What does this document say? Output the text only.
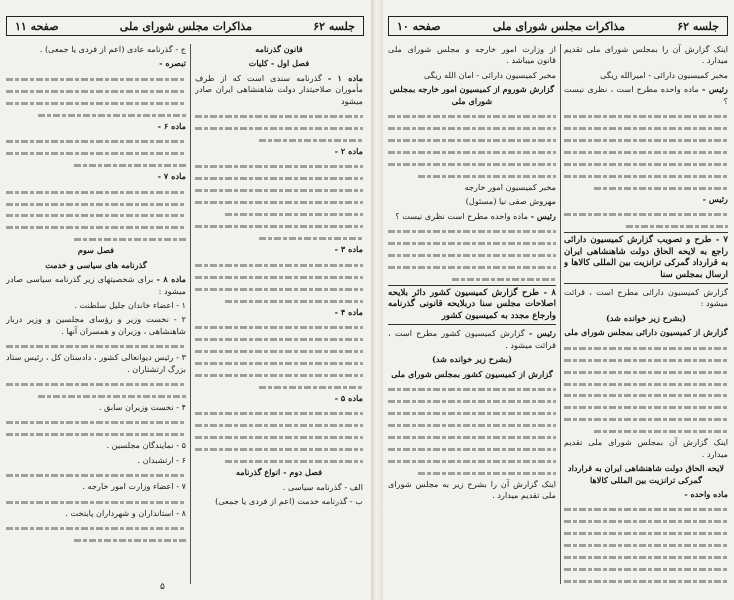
جلسه ۶۲
مذاکرات مجلس شورای ملی
صفحه ۱۱

قانون گذرنامه

فصل اول - کلیات

ماده ۱ - گذرنامه سندی است که از طرف مأموران صلاحیتدار دولت شاهنشاهی ایران صادر میشود

ماده ۲ -

ماده ۳ -

ماده ۴ -

ماده ۵ -

فصل دوم - انواع گذرنامه

الف - گذرنامه سیاسی .

ب - گذرنامه خدمت (اعم از فردی یا جمعی)

ج - گذرنامه عادی (اعم از فردی یا جمعی) .

تبصره -

ماده ۶ -

ماده ۷ -

فصل سوم

گذرنامه های سیاسی و خدمت

ماده ۸ - برای شخصیتهای زیر گذرنامه سیاسی صادر میشود :

۱ - اعضاء خاندان جلیل سلطنت .

۲ - نخست وزیر و رؤسای مجلسین و وزیر دربار شاهنشاهی ، وزیران و همسران آنها .

۳ - رئیس دیوانعالی کشور ، دادستان کل ، رئیس ستاد بزرگ ارتشتاران .

۴ - نخست وزیران سابق .

۵ - نمایندگان مجلسین .

۶ - ارتشبدان .

۷ - اعضاء وزارت امور خارجه .

۸ - استانداران و شهرداران پایتخت .

۵
جلسه ۶۲
مذاکرات مجلس شورای ملی
صفحه ۱۰

اینک گزارش آن را بمجلس شورای ملی تقدیم میدارد .

مخبر کمیسیون دارائی - امیرالله ریگی

رئیس - ماده واحده مطرح است ، نظری نیست ؟

رئیس -

۷ - طرح و تصویب گزارش کمیسیون دارائی راجع به لایحه الحاق دولت شاهنشاهی ایران به قرارداد گمرکی ترانزیت بین المللی کالاها و ارسال بمجلس سنا

گزارش کمیسیون دارائی مطرح است ، قرائت میشود :

(بشرح زیر خوانده شد)

گزارش از کمیسیون دارائی بمجلس شورای ملی

اینک گزارش آن بمجلس شورای ملی تقدیم میدارد .

لایحه الحاق دولت شاهنشاهی ایران به قرارداد گمرکی ترانزیت بین المللی کالاها

ماده واحده -

از وزارت امور خارجه و مجلس شورای ملی قانون میباشد .

مخبر کمیسیون دارائی - امان الله ریگی

گزارش شوروم از کمیسیون امور خارجه بمجلس شورای ملی

مخبر کمیسیون امور خارجه

مهروش صفی نیا (مسئول)

رئیس - ماده واحده مطرح است نظری نیست ؟

۸ - طرح گزارش کمیسیون کشور دائر بلایحه اصلاحات مجلس سنا دربلایحه قانونی گذرنامه وارجاع مجدد به کمیسیون کشور

رئیس - گزارش کمیسیون کشور مطرح است ، قرائت میشود .

(بشرح زیر خوانده شد)

گزارش از کمیسیون کشور بمجلس شورای ملی

اینک گزارش آن را بشرح زیر به مجلس شورای ملی تقدیم میدارد .
